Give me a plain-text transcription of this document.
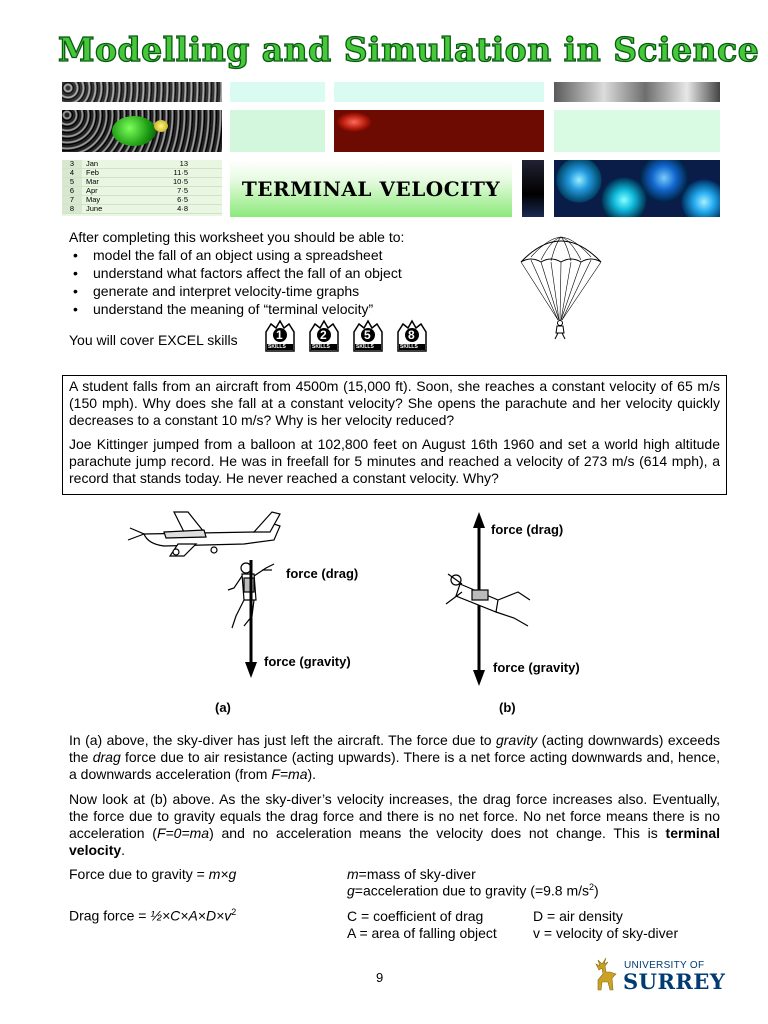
Modelling and Simulation in Science
3	Jan	13
4	Feb	11·5
5	Mar	10·5
6	Apr	7·5
7	May	6·5
8	June	4·8
TERMINAL VELOCITY
After completing this worksheet you should be able to:
• model the fall of an object using a spreadsheet
• understand what factors affect the fall of an object
• generate and interpret velocity-time graphs
• understand the meaning of “terminal velocity”
You will cover EXCEL skills	1
SKILLS
2
SKILLS
5
SKILLS
8
SKILLS

A student falls from an aircraft from 4500m (15,000 ft). Soon, she reaches a constant velocity of 65 m/s (150 mph). Why does she fall at a constant velocity? She opens the parachute and her velocity quickly decreases to a constant 10 m/s? Why is her velocity reduced?

Joe Kittinger jumped from a balloon at 102,800 feet on August 16th 1960 and set a world high altitude parachute jump record. He was in freefall for 5 minutes and reached a velocity of 273 m/s (614 mph), a record that stands today. He never reached a constant velocity. Why?

force (drag)
force (gravity)
(a)
force (drag)
force (gravity)
(b)

In (a) above, the sky-diver has just left the aircraft. The force due to gravity (acting downwards) exceeds the drag force due to air resistance (acting upwards). There is a net force acting downwards and, hence, a downwards acceleration (from F=ma).

Now look at (b) above. As the sky-diver’s velocity increases, the drag force increases also. Eventually, the force due to gravity equals the drag force and there is no net force. No net force means there is no acceleration (F=0=ma) and no acceleration means the velocity does not change. This is terminal velocity.

Force due to gravity = m×g	m=mass of sky-diver
g=acceleration due to gravity (=9.8 $m/s^2$)
Drag force = $\frac{1}{2}\times C\times A\times D\times v^2$	C = coefficient of drag	D = air density
A = area of falling object	v = velocity of sky-diver
9
UNIVERSITY OF
SURREY
